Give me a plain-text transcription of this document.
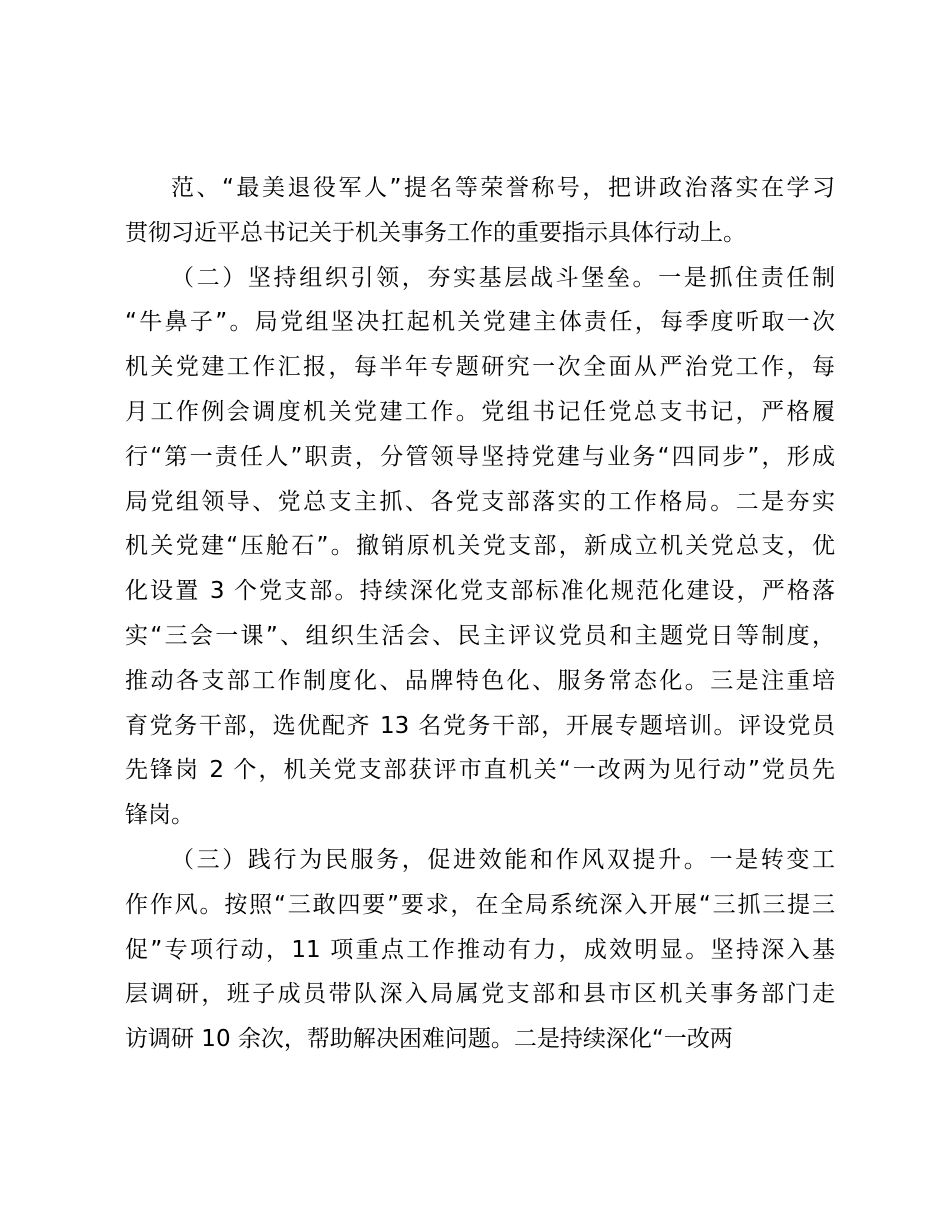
范、“最美退役军人”提名等荣誉称号，把讲政治落实在学习
贯彻习近平总书记关于机关事务工作的重要指示具体行动上。
（二）坚持组织引领，夯实基层战斗堡垒。一是抓住责任制
“牛鼻子”。局党组坚决扛起机关党建主体责任，每季度听取一次
机关党建工作汇报，每半年专题研究一次全面从严治党工作，每
月工作例会调度机关党建工作。党组书记任党总支书记，严格履
行“第一责任人”职责，分管领导坚持党建与业务“四同步”，形成
局党组领导、党总支主抓、各党支部落实的工作格局。二是夯实
机关党建“压舱石”。撤销原机关党支部，新成立机关党总支，优
化设置 3 个党支部。持续深化党支部标准化规范化建设，严格落
实“三会一课”、组织生活会、民主评议党员和主题党日等制度，
推动各支部工作制度化、品牌特色化、服务常态化。三是注重培
育党务干部，选优配齐 13 名党务干部，开展专题培训。评设党员
先锋岗 2 个，机关党支部获评市直机关“一改两为见行动”党员先
锋岗。
（三）践行为民服务，促进效能和作风双提升。一是转变工
作作风。按照“三敢四要”要求，在全局系统深入开展“三抓三提三
促”专项行动，11 项重点工作推动有力，成效明显。坚持深入基
层调研，班子成员带队深入局属党支部和县市区机关事务部门走
访调研 10 余次，帮助解决困难问题。二是持续深化“一改两
